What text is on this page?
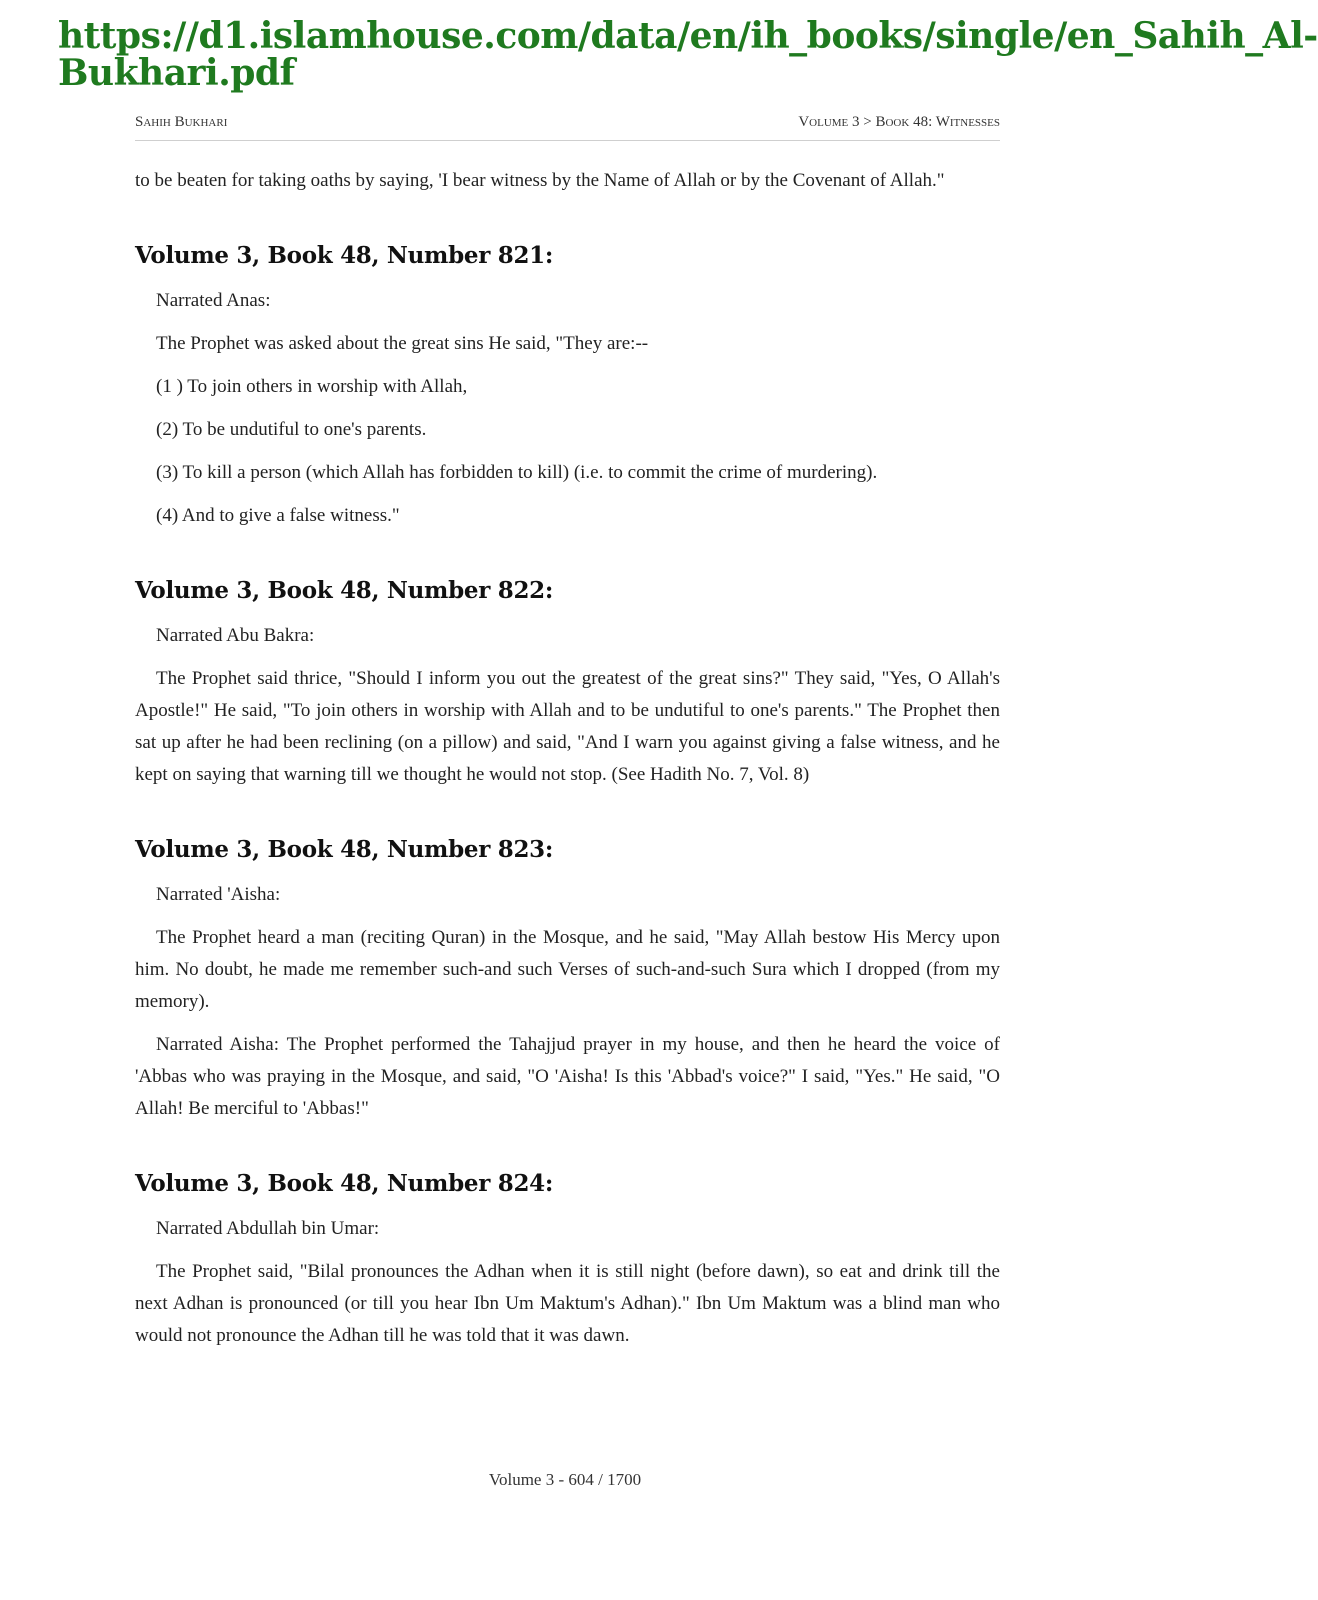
https://d1.islamhouse.com/data/en/ih_books/single/en_Sahih_Al-Bukhari.pdf

Sahih Bukhari	Volume 3 > Book 48: Witnesses

to be beaten for taking oaths by saying, 'I bear witness by the Name of Allah or by the Covenant of Allah."

Volume 3, Book 48, Number 821:

Narrated Anas:

The Prophet was asked about the great sins He said, "They are:--

(1 ) To join others in worship with Allah,

(2) To be undutiful to one's parents.

(3) To kill a person (which Allah has forbidden to kill) (i.e. to commit the crime of murdering).

(4) And to give a false witness."

Volume 3, Book 48, Number 822:

Narrated Abu Bakra:

The Prophet said thrice, "Should I inform you out the greatest of the great sins?" They said, "Yes, O Allah's Apostle!" He said, "To join others in worship with Allah and to be undutiful to one's parents." The Prophet then sat up after he had been reclining (on a pillow) and said, "And I warn you against giving a false witness, and he kept on saying that warning till we thought he would not stop. (See Hadith No. 7, Vol. 8)

Volume 3, Book 48, Number 823:

Narrated 'Aisha:

The Prophet heard a man (reciting Quran) in the Mosque, and he said, "May Allah bestow His Mercy upon him. No doubt, he made me remember such-and such Verses of such-and-such Sura which I dropped (from my memory).

Narrated Aisha: The Prophet performed the Tahajjud prayer in my house, and then he heard the voice of 'Abbas who was praying in the Mosque, and said, "O 'Aisha! Is this 'Abbad's voice?" I said, "Yes." He said, "O Allah! Be merciful to 'Abbas!"

Volume 3, Book 48, Number 824:

Narrated Abdullah bin Umar:

The Prophet said, "Bilal pronounces the Adhan when it is still night (before dawn), so eat and drink till the next Adhan is pronounced (or till you hear Ibn Um Maktum's Adhan)." Ibn Um Maktum was a blind man who would not pronounce the Adhan till he was told that it was dawn.

Volume 3 - 604 / 1700
